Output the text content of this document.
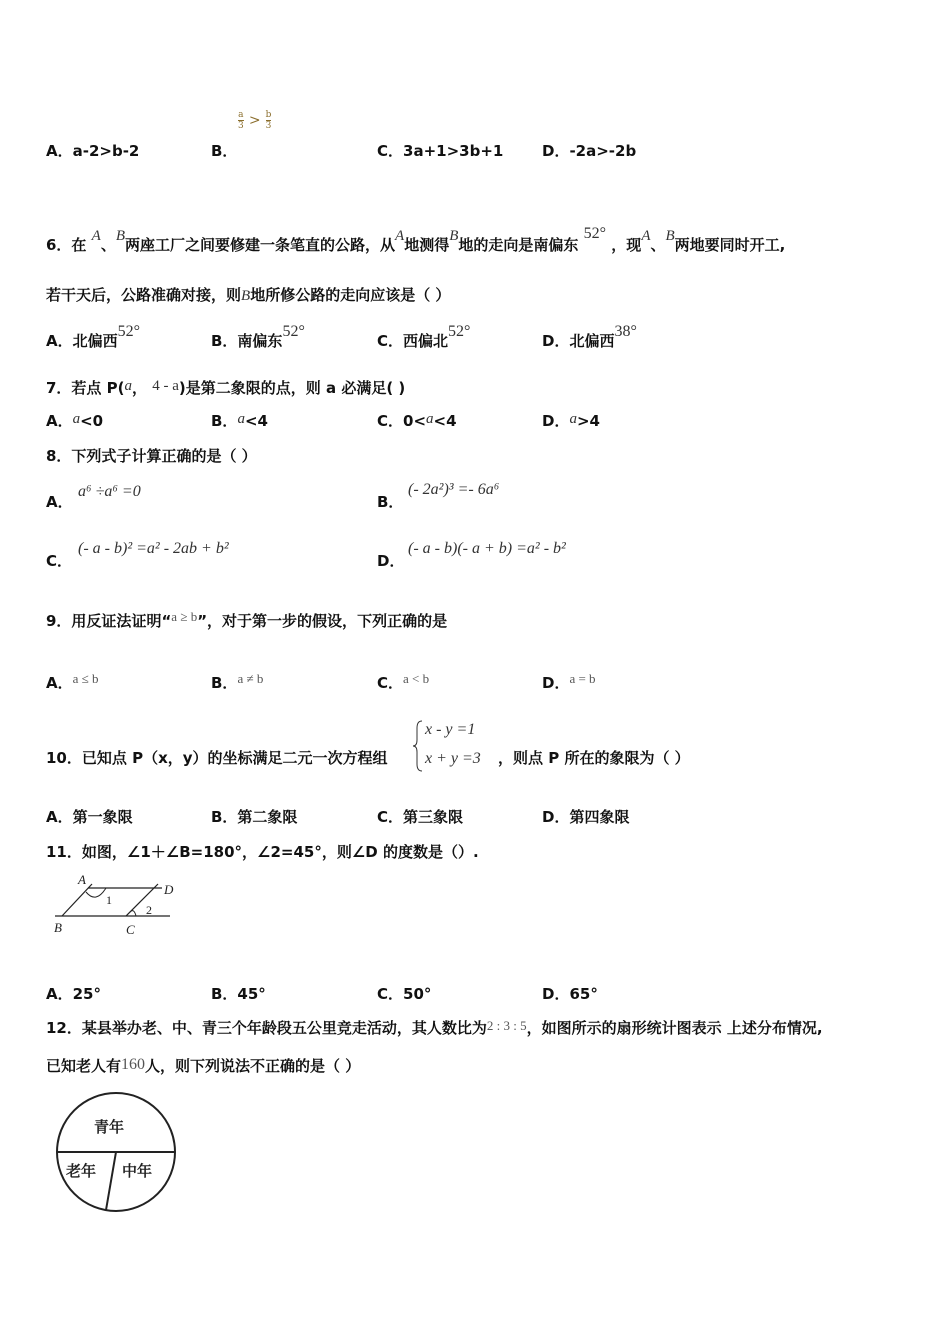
A．a-2>b-2	B．
$\frac{a}{3} > \frac{b}{3}$
C．3a+1>3b+1	D．-2a>-2b
6．在 A、B两座工厂之间要修建一条笔直的公路，从A地测得B地的走向是南偏东 52° ，现A、B两地要同时开工,
若干天后，公路准确对接，则B地所修公路的走向应该是（ ）
A．北偏西52°
B．南偏东52°
C．西偏北52°
D．北偏西38°
7．若点 P(a， 4 - a)是第二象限的点，则 a 必满足( )
A．a<0	B．a<4	C．0<a<4	D．a>4
8．下列式子计算正确的是（ ）
A．
a⁶ ÷a⁶ =0
B．
(- 2a²)³ =- 6a⁶
C．
(- a - b)² =a² - 2ab + b²
D．
(- a - b)(- a + b) =a² - b²
9．用反证法证明“a ≥ b”，对于第一步的假设，下列正确的是
A．a ≤ b	B．a ≠ b	C．a < b	D．a = b
10．已知点 P（x，y）的坐标满足二元一次方程组
x - y =1
x + y =3 ，则点 P 所在的象限为（ ）
A．第一象限	B．第二象限	C．第三象限	D．第四象限
11．如图，∠1＋∠B=180°，∠2=45°，则∠D 的度数是（）.
A
B	C
D
1
2
A．25°	B．45°	C．50°	D．65°
12．某县举办老、中、青三个年龄段五公里竞走活动，其人数比为2 : 3 : 5，如图所示的扇形统计图表示 上述分布情况,
已知老人有160人，则下列说法不正确的是（ ）
青年
老年 中年
